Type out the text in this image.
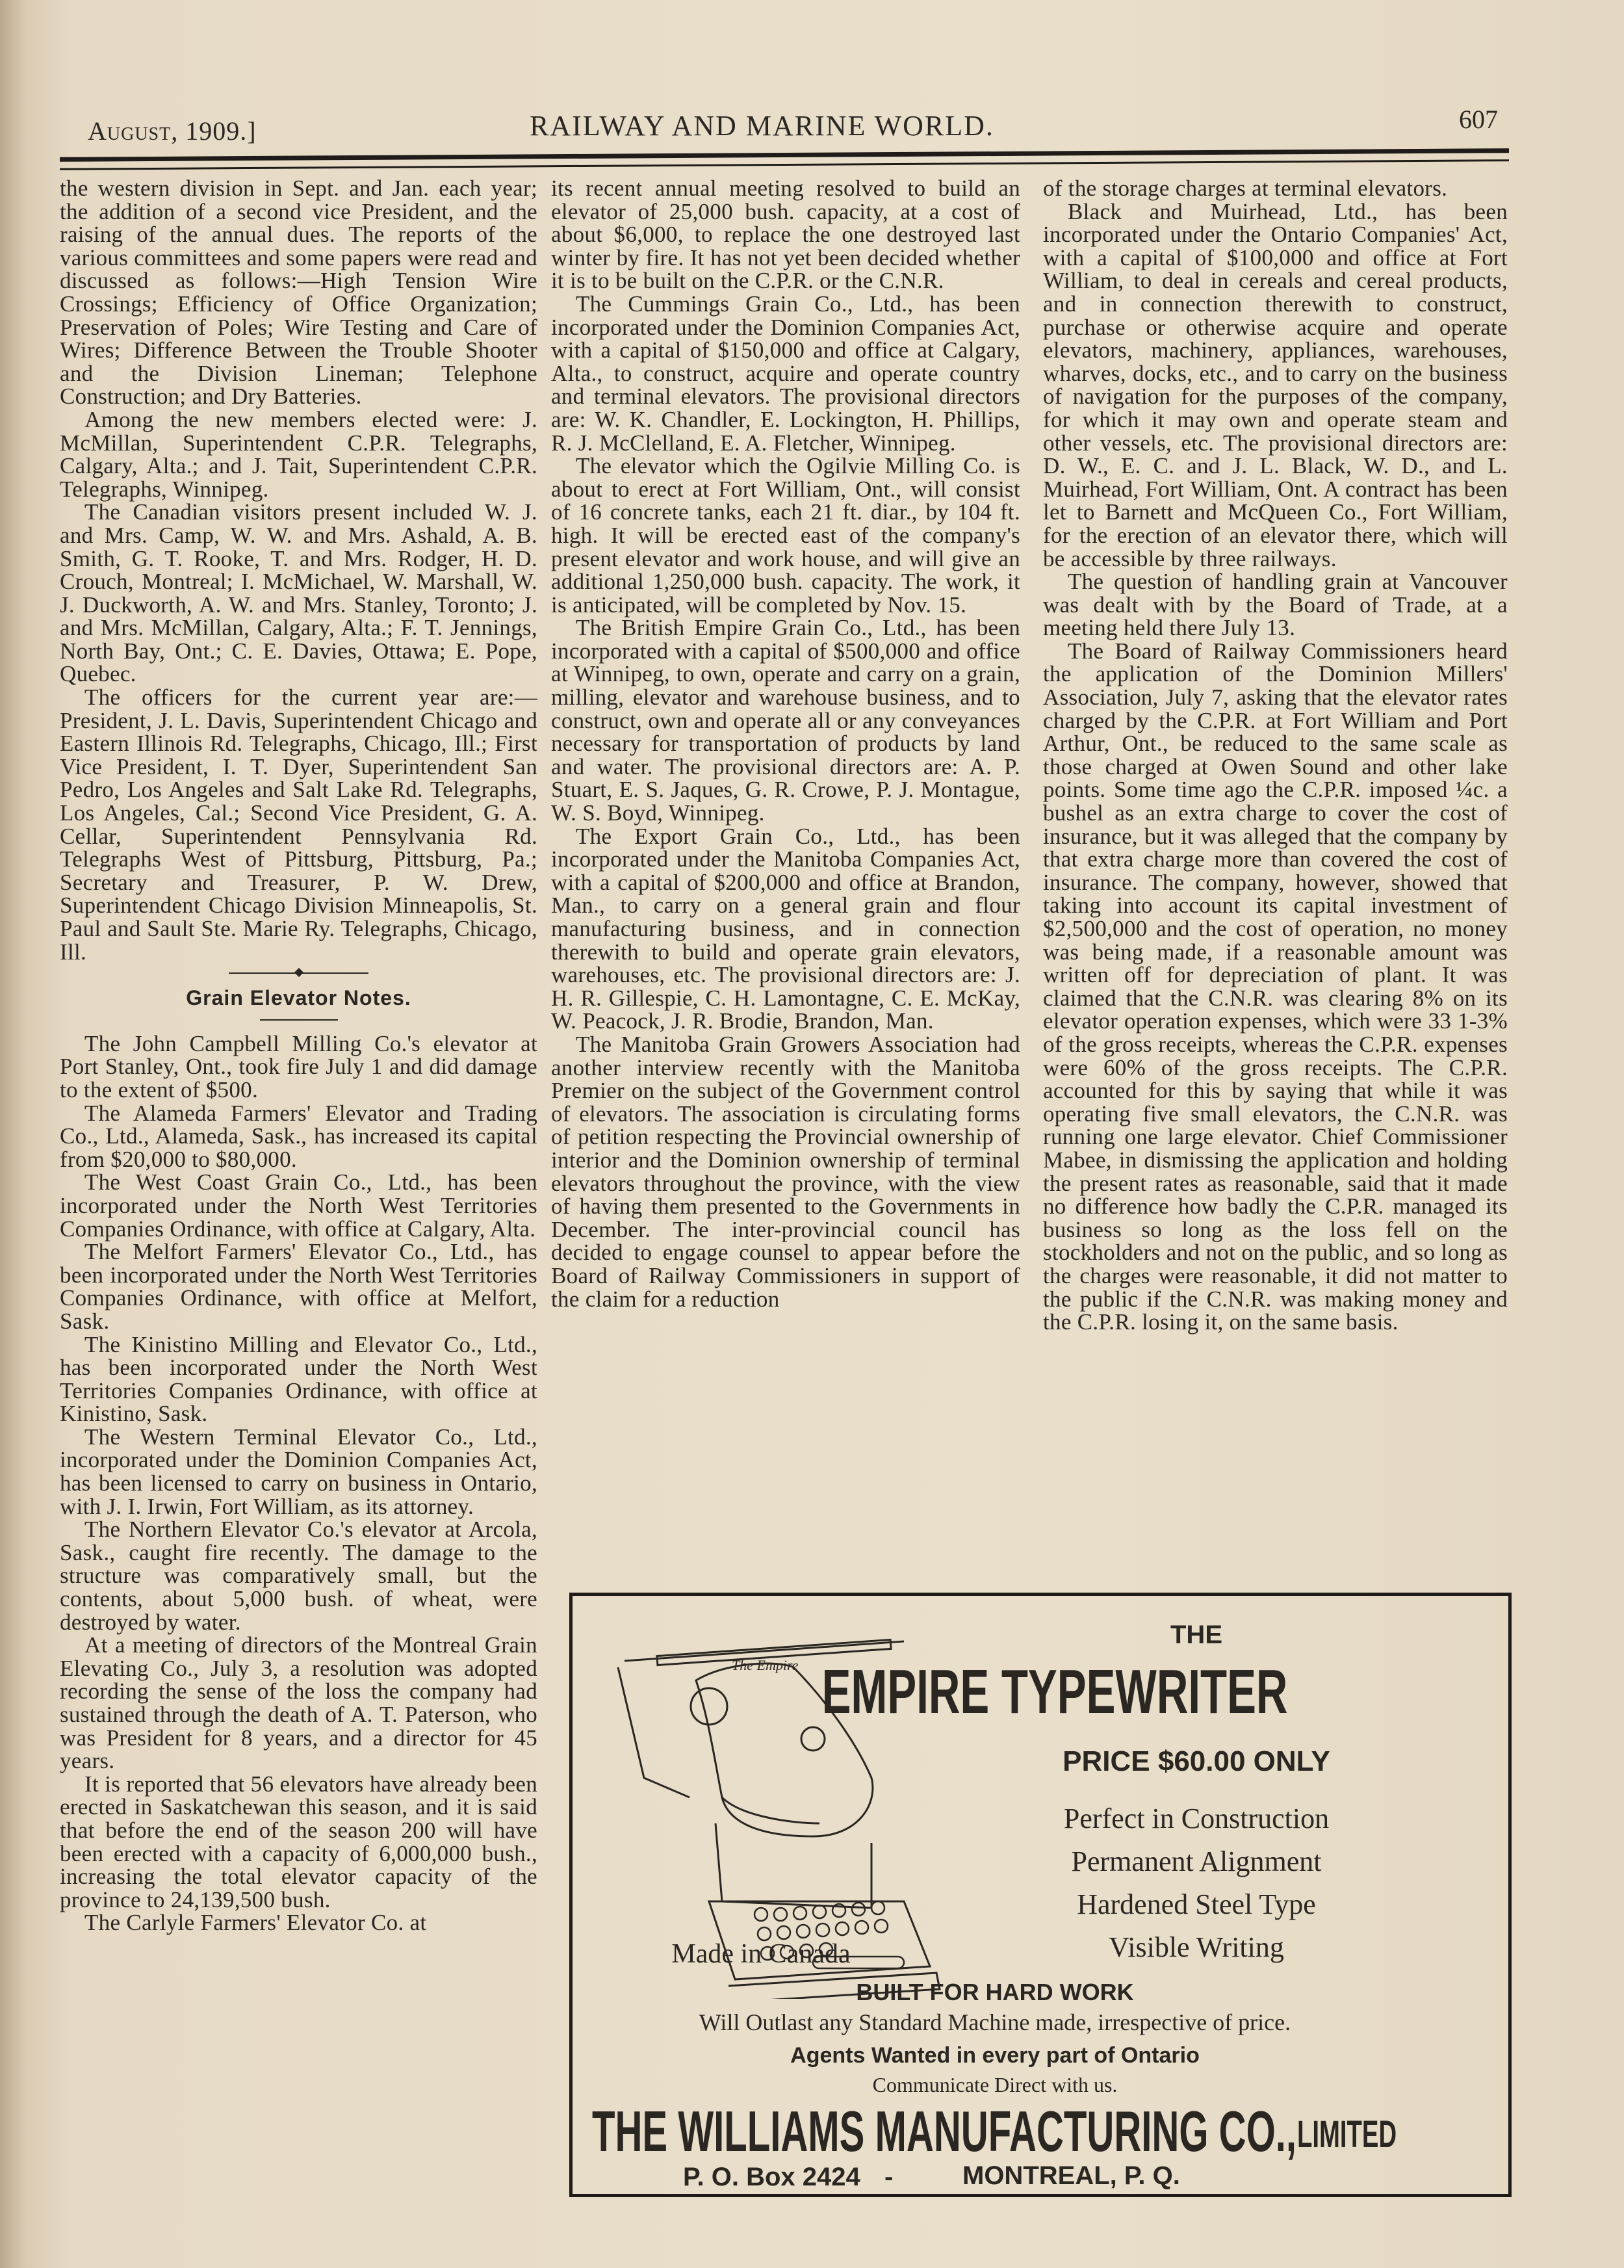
August, 1909.]	RAILWAY AND MARINE WORLD.	607

the western division in Sept. and Jan. each year; the addition of a second vice President, and the raising of the annual dues. The reports of the various committees and some papers were read and discussed as follows:—High Tension Wire Crossings; Efficiency of Office Organization; Preservation of Poles; Wire Testing and Care of Wires; Difference Between the Trouble Shooter and the Division Lineman; Telephone Construction; and Dry Batteries.

Among the new members elected were: J. McMillan, Superintendent C.P.R. Telegraphs, Calgary, Alta.; and J. Tait, Superintendent C.P.R. Telegraphs, Winnipeg.

The Canadian visitors present included W. J. and Mrs. Camp, W. W. and Mrs. Ashald, A. B. Smith, G. T. Rooke, T. and Mrs. Rodger, H. D. Crouch, Montreal; I. McMichael, W. Marshall, W. J. Duckworth, A. W. and Mrs. Stanley, Toronto; J. and Mrs. McMillan, Calgary, Alta.; F. T. Jennings, North Bay, Ont.; C. E. Davies, Ottawa; E. Pope, Quebec.

The officers for the current year are:—President, J. L. Davis, Superintendent Chicago and Eastern Illinois Rd. Telegraphs, Chicago, Ill.; First Vice President, I. T. Dyer, Superintendent San Pedro, Los Angeles and Salt Lake Rd. Telegraphs, Los Angeles, Cal.; Second Vice President, G. A. Cellar, Superintendent Pennsylvania Rd. Telegraphs West of Pittsburg, Pittsburg, Pa.; Secretary and Treasurer, P. W. Drew, Superintendent Chicago Division Minneapolis, St. Paul and Sault Ste. Marie Ry. Telegraphs, Chicago, Ill.

Grain Elevator Notes.

The John Campbell Milling Co.'s elevator at Port Stanley, Ont., took fire July 1 and did damage to the extent of $500.

The Alameda Farmers' Elevator and Trading Co., Ltd., Alameda, Sask., has increased its capital from $20,000 to $80,000.

The West Coast Grain Co., Ltd., has been incorporated under the North West Territories Companies Ordinance, with office at Calgary, Alta.

The Melfort Farmers' Elevator Co., Ltd., has been incorporated under the North West Territories Companies Ordinance, with office at Melfort, Sask.

The Kinistino Milling and Elevator Co., Ltd., has been incorporated under the North West Territories Companies Ordinance, with office at Kinistino, Sask.

The Western Terminal Elevator Co., Ltd., incorporated under the Dominion Companies Act, has been licensed to carry on business in Ontario, with J. I. Irwin, Fort William, as its attorney.

The Northern Elevator Co.'s elevator at Arcola, Sask., caught fire recently. The damage to the structure was comparatively small, but the contents, about 5,000 bush. of wheat, were destroyed by water.

At a meeting of directors of the Montreal Grain Elevating Co., July 3, a resolution was adopted recording the sense of the loss the company had sustained through the death of A. T. Paterson, who was President for 8 years, and a director for 45 years.

It is reported that 56 elevators have already been erected in Saskatchewan this season, and it is said that before the end of the season 200 will have been erected with a capacity of 6,000,000 bush., increasing the total elevator capacity of the province to 24,139,500 bush.

The Carlyle Farmers' Elevator Co. at

its recent annual meeting resolved to build an elevator of 25,000 bush. capacity, at a cost of about $6,000, to replace the one destroyed last winter by fire. It has not yet been decided whether it is to be built on the C.P.R. or the C.N.R.

The Cummings Grain Co., Ltd., has been incorporated under the Dominion Companies Act, with a capital of $150,000 and office at Calgary, Alta., to construct, acquire and operate country and terminal elevators. The provisional directors are: W. K. Chandler, E. Lockington, H. Phillips, R. J. McClelland, E. A. Fletcher, Winnipeg.

The elevator which the Ogilvie Milling Co. is about to erect at Fort William, Ont., will consist of 16 concrete tanks, each 21 ft. diar., by 104 ft. high. It will be erected east of the company's present elevator and work house, and will give an additional 1,250,000 bush. capacity. The work, it is anticipated, will be completed by Nov. 15.

The British Empire Grain Co., Ltd., has been incorporated with a capital of $500,000 and office at Winnipeg, to own, operate and carry on a grain, milling, elevator and warehouse business, and to construct, own and operate all or any conveyances necessary for transportation of products by land and water. The provisional directors are: A. P. Stuart, E. S. Jaques, G. R. Crowe, P. J. Montague, W. S. Boyd, Winnipeg.

The Export Grain Co., Ltd., has been incorporated under the Manitoba Companies Act, with a capital of $200,000 and office at Brandon, Man., to carry on a general grain and flour manufacturing business, and in connection therewith to build and operate grain elevators, warehouses, etc. The provisional directors are: J. H. R. Gillespie, C. H. Lamontagne, C. E. McKay, W. Peacock, J. R. Brodie, Brandon, Man.

The Manitoba Grain Growers Association had another interview recently with the Manitoba Premier on the subject of the Government control of elevators. The association is circulating forms of petition respecting the Provincial ownership of interior and the Dominion ownership of terminal elevators throughout the province, with the view of having them presented to the Governments in December. The inter-provincial council has decided to engage counsel to appear before the Board of Railway Commissioners in support of the claim for a reduction

of the storage charges at terminal elevators.

Black and Muirhead, Ltd., has been incorporated under the Ontario Companies' Act, with a capital of $100,000 and office at Fort William, to deal in cereals and cereal products, and in connection therewith to construct, purchase or otherwise acquire and operate elevators, machinery, appliances, warehouses, wharves, docks, etc., and to carry on the business of navigation for the purposes of the company, for which it may own and operate steam and other vessels, etc. The provisional directors are: D. W., E. C. and J. L. Black, W. D., and L. Muirhead, Fort William, Ont. A contract has been let to Barnett and McQueen Co., Fort William, for the erection of an elevator there, which will be accessible by three railways.

The question of handling grain at Vancouver was dealt with by the Board of Trade, at a meeting held there July 13.

The Board of Railway Commissioners heard the application of the Dominion Millers' Association, July 7, asking that the elevator rates charged by the C.P.R. at Fort William and Port Arthur, Ont., be reduced to the same scale as those charged at Owen Sound and other lake points. Some time ago the C.P.R. imposed ¼c. a bushel as an extra charge to cover the cost of insurance, but it was alleged that the company by that extra charge more than covered the cost of insurance. The company, however, showed that taking into account its capital investment of $2,500,000 and the cost of operation, no money was being made, if a reasonable amount was written off for depreciation of plant. It was claimed that the C.N.R. was clearing 8% on its elevator operation expenses, which were 33 1-3% of the gross receipts, whereas the C.P.R. expenses were 60% of the gross receipts. The C.P.R. accounted for this by saying that while it was operating five small elevators, the C.N.R. was running one large elevator. Chief Commissioner Mabee, in dismissing the application and holding the present rates as reasonable, said that it made no difference how badly the C.P.R. managed its business so long as the loss fell on the stockholders and not on the public, and so long as the charges were reasonable, it did not matter to the public if the C.N.R. was making money and the C.P.R. losing it, on the same basis.

The Empire
THE
EMPIRE TYPEWRITER
PRICE $60.00 ONLY
Perfect in Construction
Permanent Alignment
Hardened Steel Type
Visible Writing
Made in Canada
BUILT FOR HARD WORK
Will Outlast any Standard Machine made, irrespective of price.
Agents Wanted in every part of Ontario
Communicate Direct with us.
THE WILLIAMS MANUFACTURING CO., LIMITED
P. O. Box 2424 -	MONTREAL, P. Q.
